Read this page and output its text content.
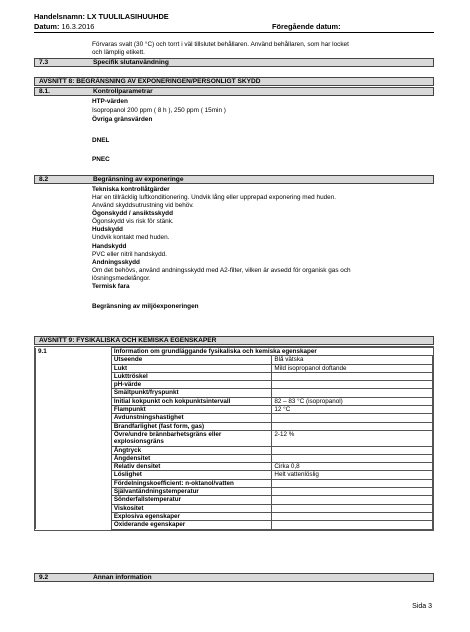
Handelsnamn: LX TUULILASIHUUHDE
Datum: 16.3.2016	Föregående datum:
Förvaras svalt (30 °C) och torrt i väl tillslutet behållaren. Använd behållaren, som har locket
och lämplig etikett.
7.3	Specifik slutanvändning
AVSNITT 8: BEGRÄNSNING AV EXPONERINGEN/PERSONLIGT SKYDD
8.1.	Kontrollparametrar
HTP-värden
Isopropanol 200 ppm ( 8 h ), 250 ppm ( 15min )
Övriga gränsvärden
DNEL
PNEC
8.2	Begränsning av exponeringe
Tekniska kontrollåtgärder
Har en tillräcklig luftkonditionering. Undvik lång eller upprepad exponering med huden.
Använd skyddsutrustning vid behöv.
Ögonskydd / ansiktsskydd
Ögonskydd vis risk för stänk.
Hudskydd
Undvik kontakt med huden.
Handskydd
PVC eller nitril handskydd.
Andningsskydd
Om det behövs, använd andningsskydd med A2-filter, vilken är avsedd för organisk gas och
lösningsmedelångor.
Termisk fara
Begränsning av miljöexponeringen
AVSNITT 9: FYSIKALISKA OCH KEMISKA EGENSKAPER
9.1	Information om grundläggande fysikaliska och kemiska egenskaper	
	Utseende	Blå vätska
	Lukt	Mild isopropanol doftande
	Lukttröskel	
	pH-värde	
	Smältpunkt/fryspunkt	
	Initial kokpunkt och kokpunktsintervall	82 – 83 °C (isopropanol)
	Flampunkt	12 °C
	Avdunstningshastighet	
	Brandfarlighet (fast form, gas)	
	Övre/undre brännbarhetsgräns eller explosionsgräns	2-12 %
	Ångtryck	
	Ångdensitet	
	Relativ densitet	Cirka 0,8
	Löslighet	Helt vattenlöslig
	Fördelningskoefficient: n-oktanol/vatten	
	Självantändningstemperatur	
	Sönderfallstemperatur	
	Viskositet	
	Explosiva egenskaper	
	Oxiderande egenskaper	
9.2	Annan information
Sida 3
